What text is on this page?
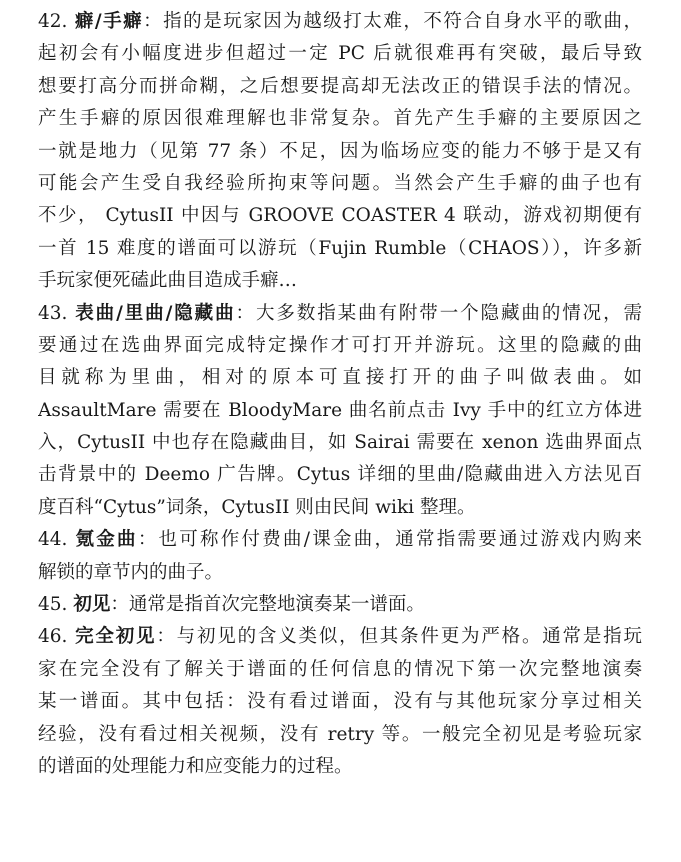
42. 癖/手癖：指的是玩家因为越级打太难，不符合自身水平的歌曲，
起初会有小幅度进步但超过一定 PC 后就很难再有突破，最后导致
想要打高分而拼命糊，之后想要提高却无法改正的错误手法的情况。
产生手癖的原因很难理解也非常复杂。首先产生手癖的主要原因之
一就是地力（见第 77 条）不足，因为临场应变的能力不够于是又有
可能会产生受自我经验所拘束等问题。当然会产生手癖的曲子也有
不少， CytusII 中因与 GROOVE COASTER 4 联动，游戏初期便有
一首 15 难度的谱面可以游玩（Fujin Rumble（CHAOS）），许多新
手玩家便死磕此曲目造成手癖…
43. 表曲/里曲/隐藏曲：大多数指某曲有附带一个隐藏曲的情况，需
要通过在选曲界面完成特定操作才可打开并游玩。这里的隐藏的曲
目就称为里曲，相对的原本可直接打开的曲子叫做表曲。如
AssaultMare 需要在 BloodyMare 曲名前点击 Ivy 手中的红立方体进
入，CytusII 中也存在隐藏曲目，如 Sairai 需要在 xenon 选曲界面点
击背景中的 Deemo 广告牌。Cytus 详细的里曲/隐藏曲进入方法见百
度百科“Cytus”词条，CytusII 则由民间 wiki 整理。
44. 氪金曲：也可称作付费曲/课金曲，通常指需要通过游戏内购来
解锁的章节内的曲子。
45. 初见：通常是指首次完整地演奏某一谱面。
46. 完全初见：与初见的含义类似，但其条件更为严格。通常是指玩
家在完全没有了解关于谱面的任何信息的情况下第一次完整地演奏
某一谱面。其中包括：没有看过谱面，没有与其他玩家分享过相关
经验，没有看过相关视频，没有 retry 等。一般完全初见是考验玩家
的谱面的处理能力和应变能力的过程。
